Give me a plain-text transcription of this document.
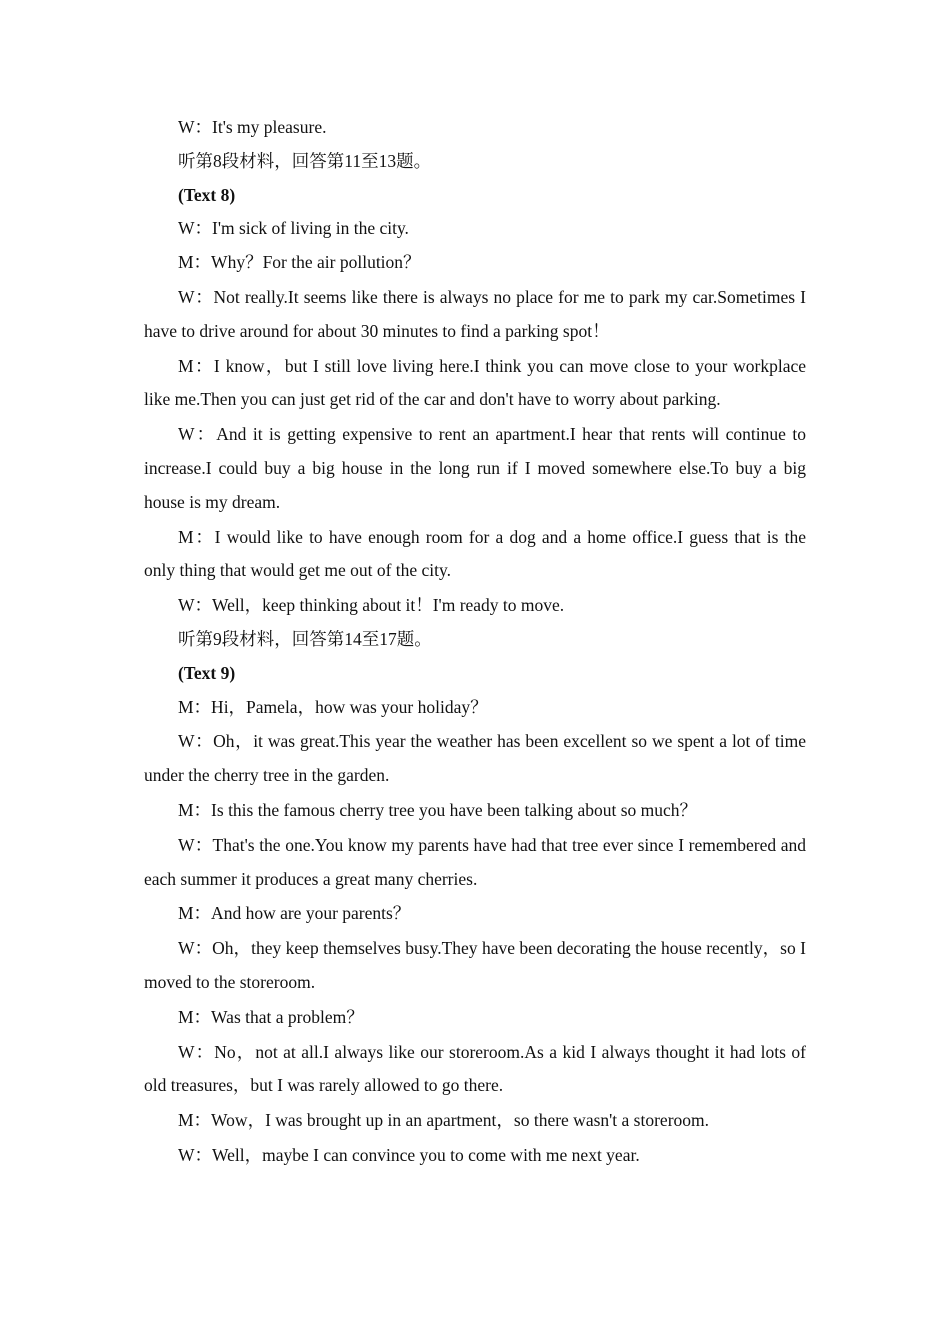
W：It's my pleasure.

听第8段材料，回答第11至13题。

(Text 8)

W：I'm sick of living in the city.

M：Why？For the air pollution？

W：Not really.It seems like there is always no place for me to park my car.Sometimes I have to drive around for about 30 minutes to find a parking spot！

M：I know，but I still love living here.I think you can move close to your workplace like me.Then you can just get rid of the car and don't have to worry about parking.

W：And it is getting expensive to rent an apartment.I hear that rents will continue to increase.I could buy a big house in the long run if I moved somewhere else.To buy a big house is my dream.

M：I would like to have enough room for a dog and a home office.I guess that is the only thing that would get me out of the city.

W：Well，keep thinking about it！I'm ready to move.

听第9段材料，回答第14至17题。

(Text 9)

M：Hi，Pamela，how was your holiday？

W：Oh，it was great.This year the weather has been excellent so we spent a lot of time under the cherry tree in the garden.

M：Is this the famous cherry tree you have been talking about so much？

W：That's the one.You know my parents have had that tree ever since I remembered and each summer it produces a great many cherries.

M：And how are your parents？

W：Oh，they keep themselves busy.They have been decorating the house recently，so I moved to the storeroom.

M：Was that a problem？

W：No，not at all.I always like our storeroom.As a kid I always thought it had lots of old treasures，but I was rarely allowed to go there.

M：Wow，I was brought up in an apartment，so there wasn't a storeroom.

W：Well，maybe I can convince you to come with me next year.
